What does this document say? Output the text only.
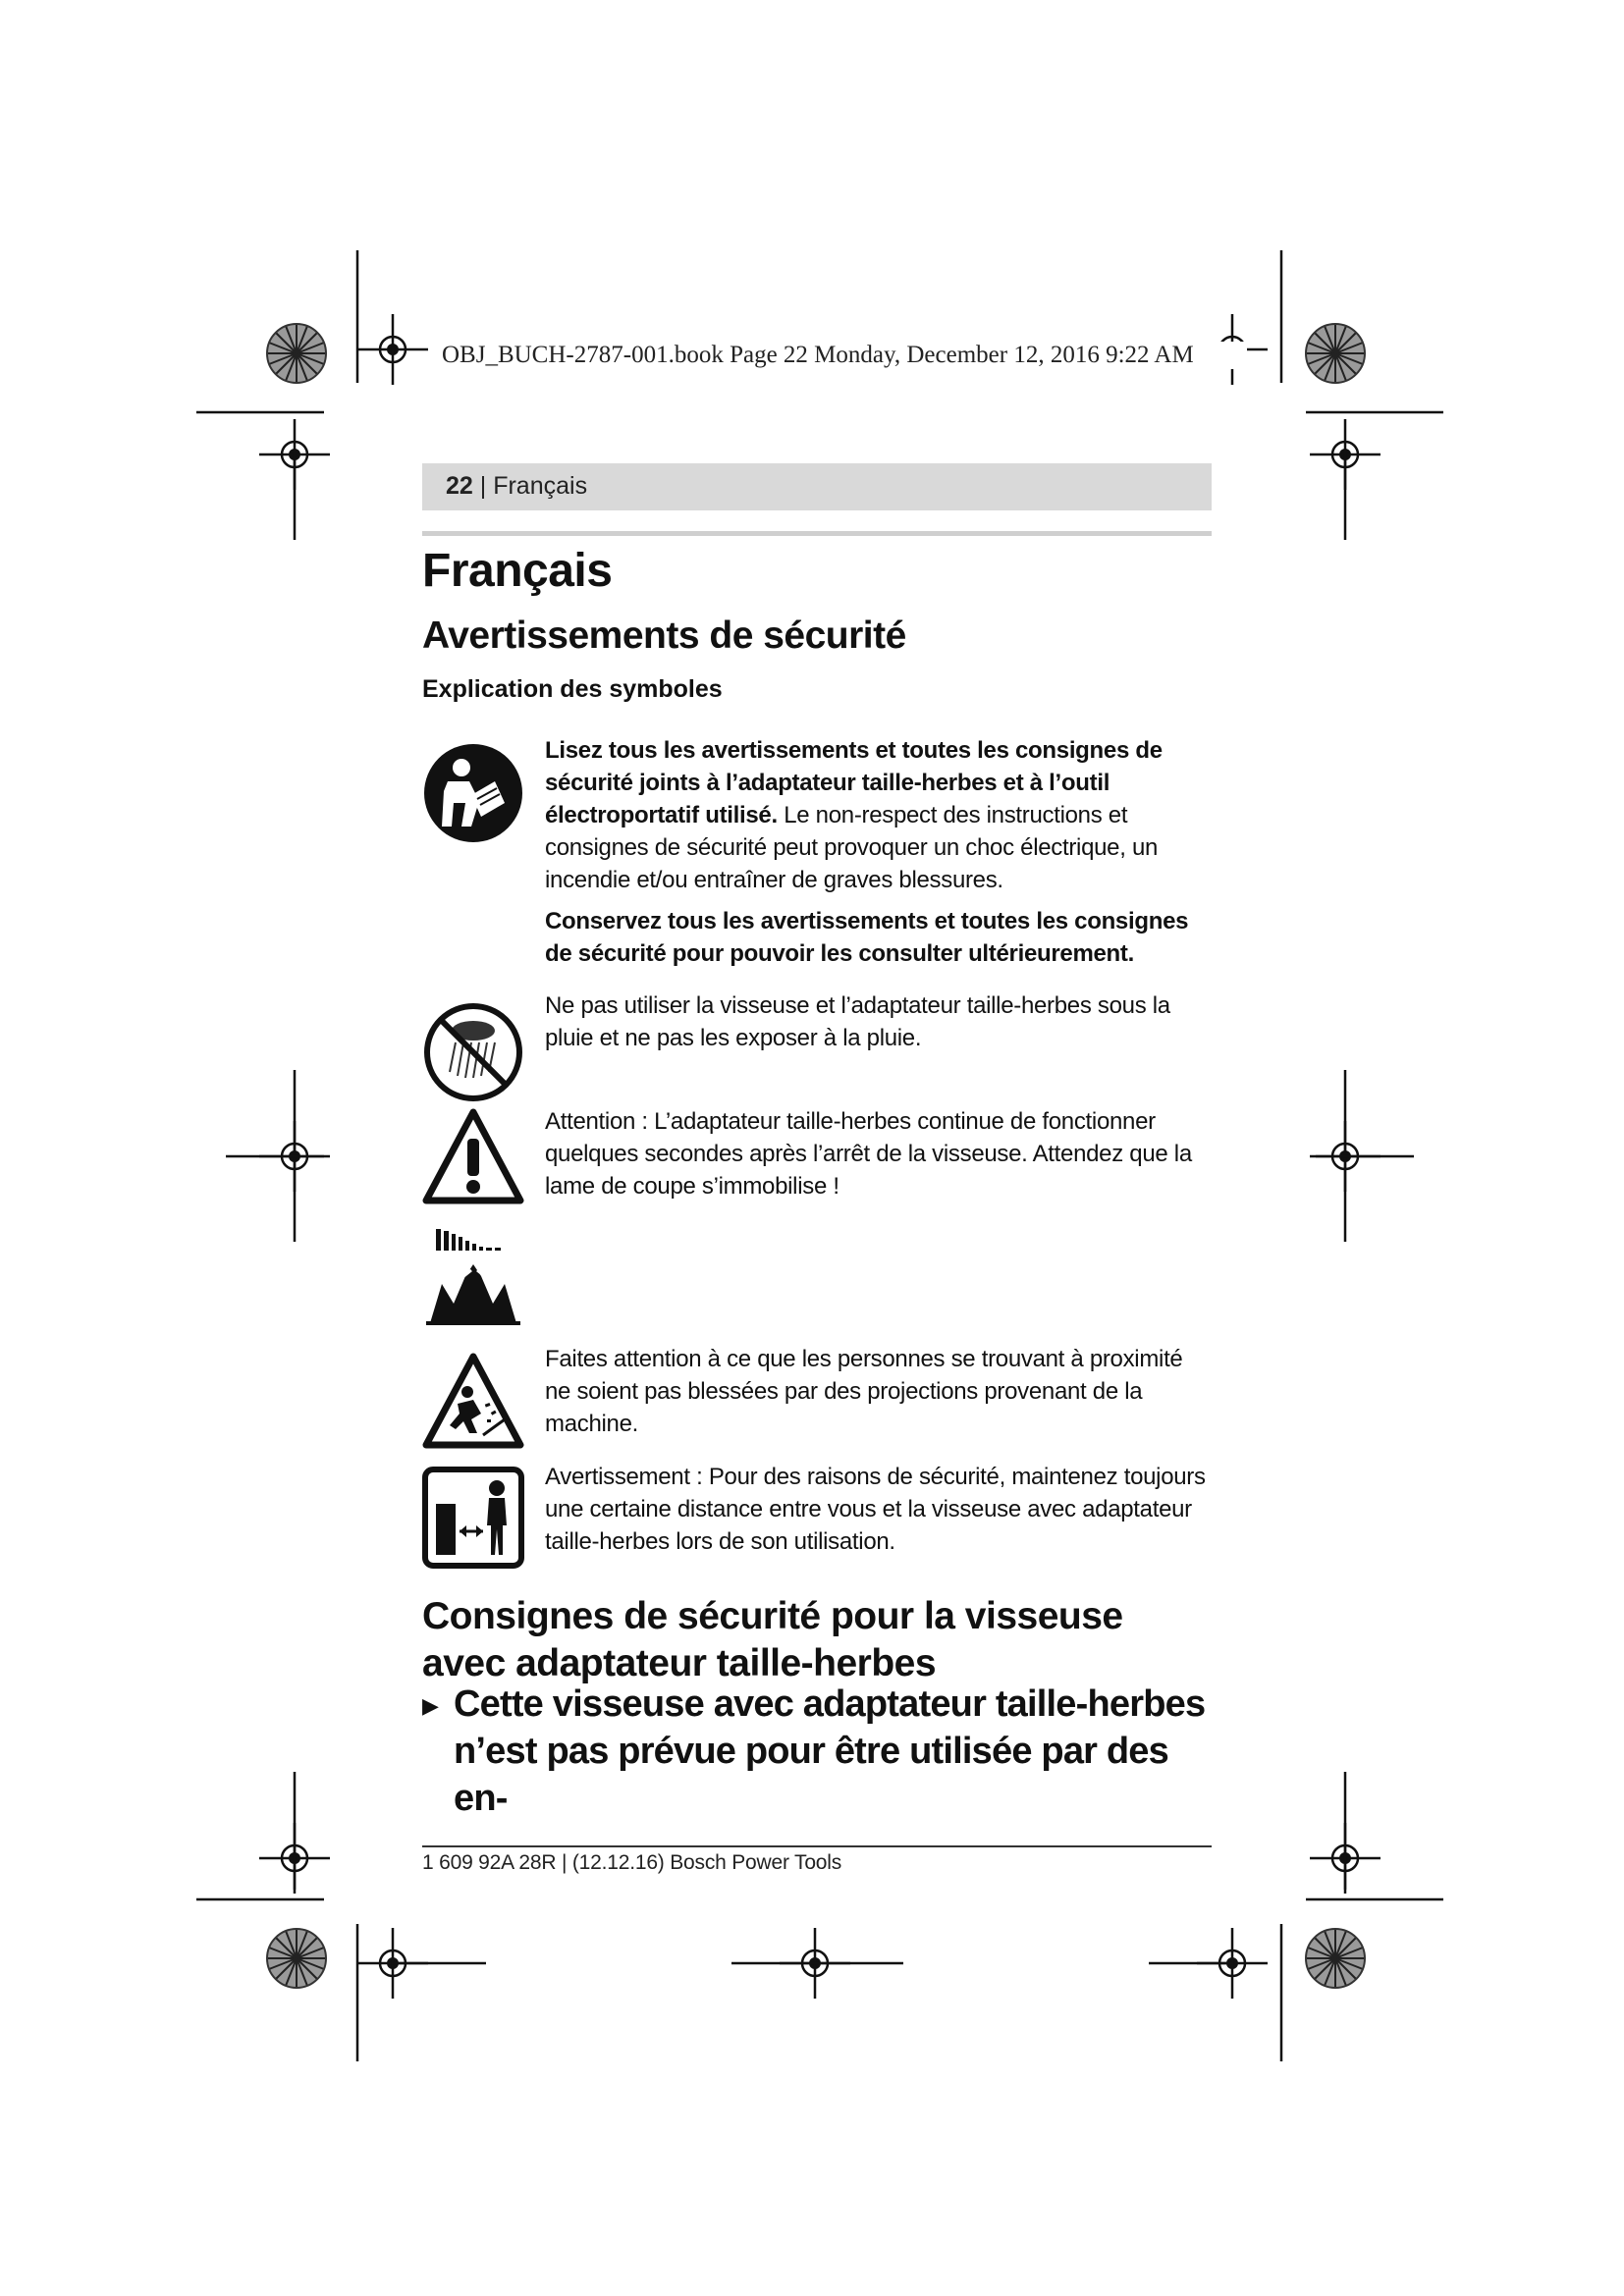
OBJ_BUCH-2787-001.book Page 22 Monday, December 12, 2016 9:22 AM
22 | Français
Français
Avertissements de sécurité
Explication des symboles
Lisez tous les avertissements et toutes les consignes de sécurité joints à l’adaptateur taille-herbes et à l’outil électroportatif utilisé. Le non-respect des instructions et consignes de sécurité peut provoquer un choc électrique, un incendie et/ou entraîner de graves blessures.
Conservez tous les avertissements et toutes les consignes de sécurité pour pouvoir les consulter ultérieurement.
Ne pas utiliser la visseuse et l’adaptateur taille-herbes sous la pluie et ne pas les exposer à la pluie.
Attention : L’adaptateur taille-herbes continue de fonctionner quelques secondes après l’arrêt de la visseuse. Attendez que la lame de coupe s’immobilise !
Faites attention à ce que les personnes se trouvant à proximité ne soient pas blessées par des projections provenant de la machine.
Avertissement : Pour des raisons de sécurité, maintenez toujours une certaine distance entre vous et la visseuse avec adaptateur taille-herbes lors de son utilisation.
Consignes de sécurité pour la visseuse avec adaptateur taille-herbes
▶ Cette visseuse avec adaptateur taille-herbes n’est pas prévue pour être utilisée par des en-
1 609 92A 28R | (12.12.16) Bosch Power Tools
